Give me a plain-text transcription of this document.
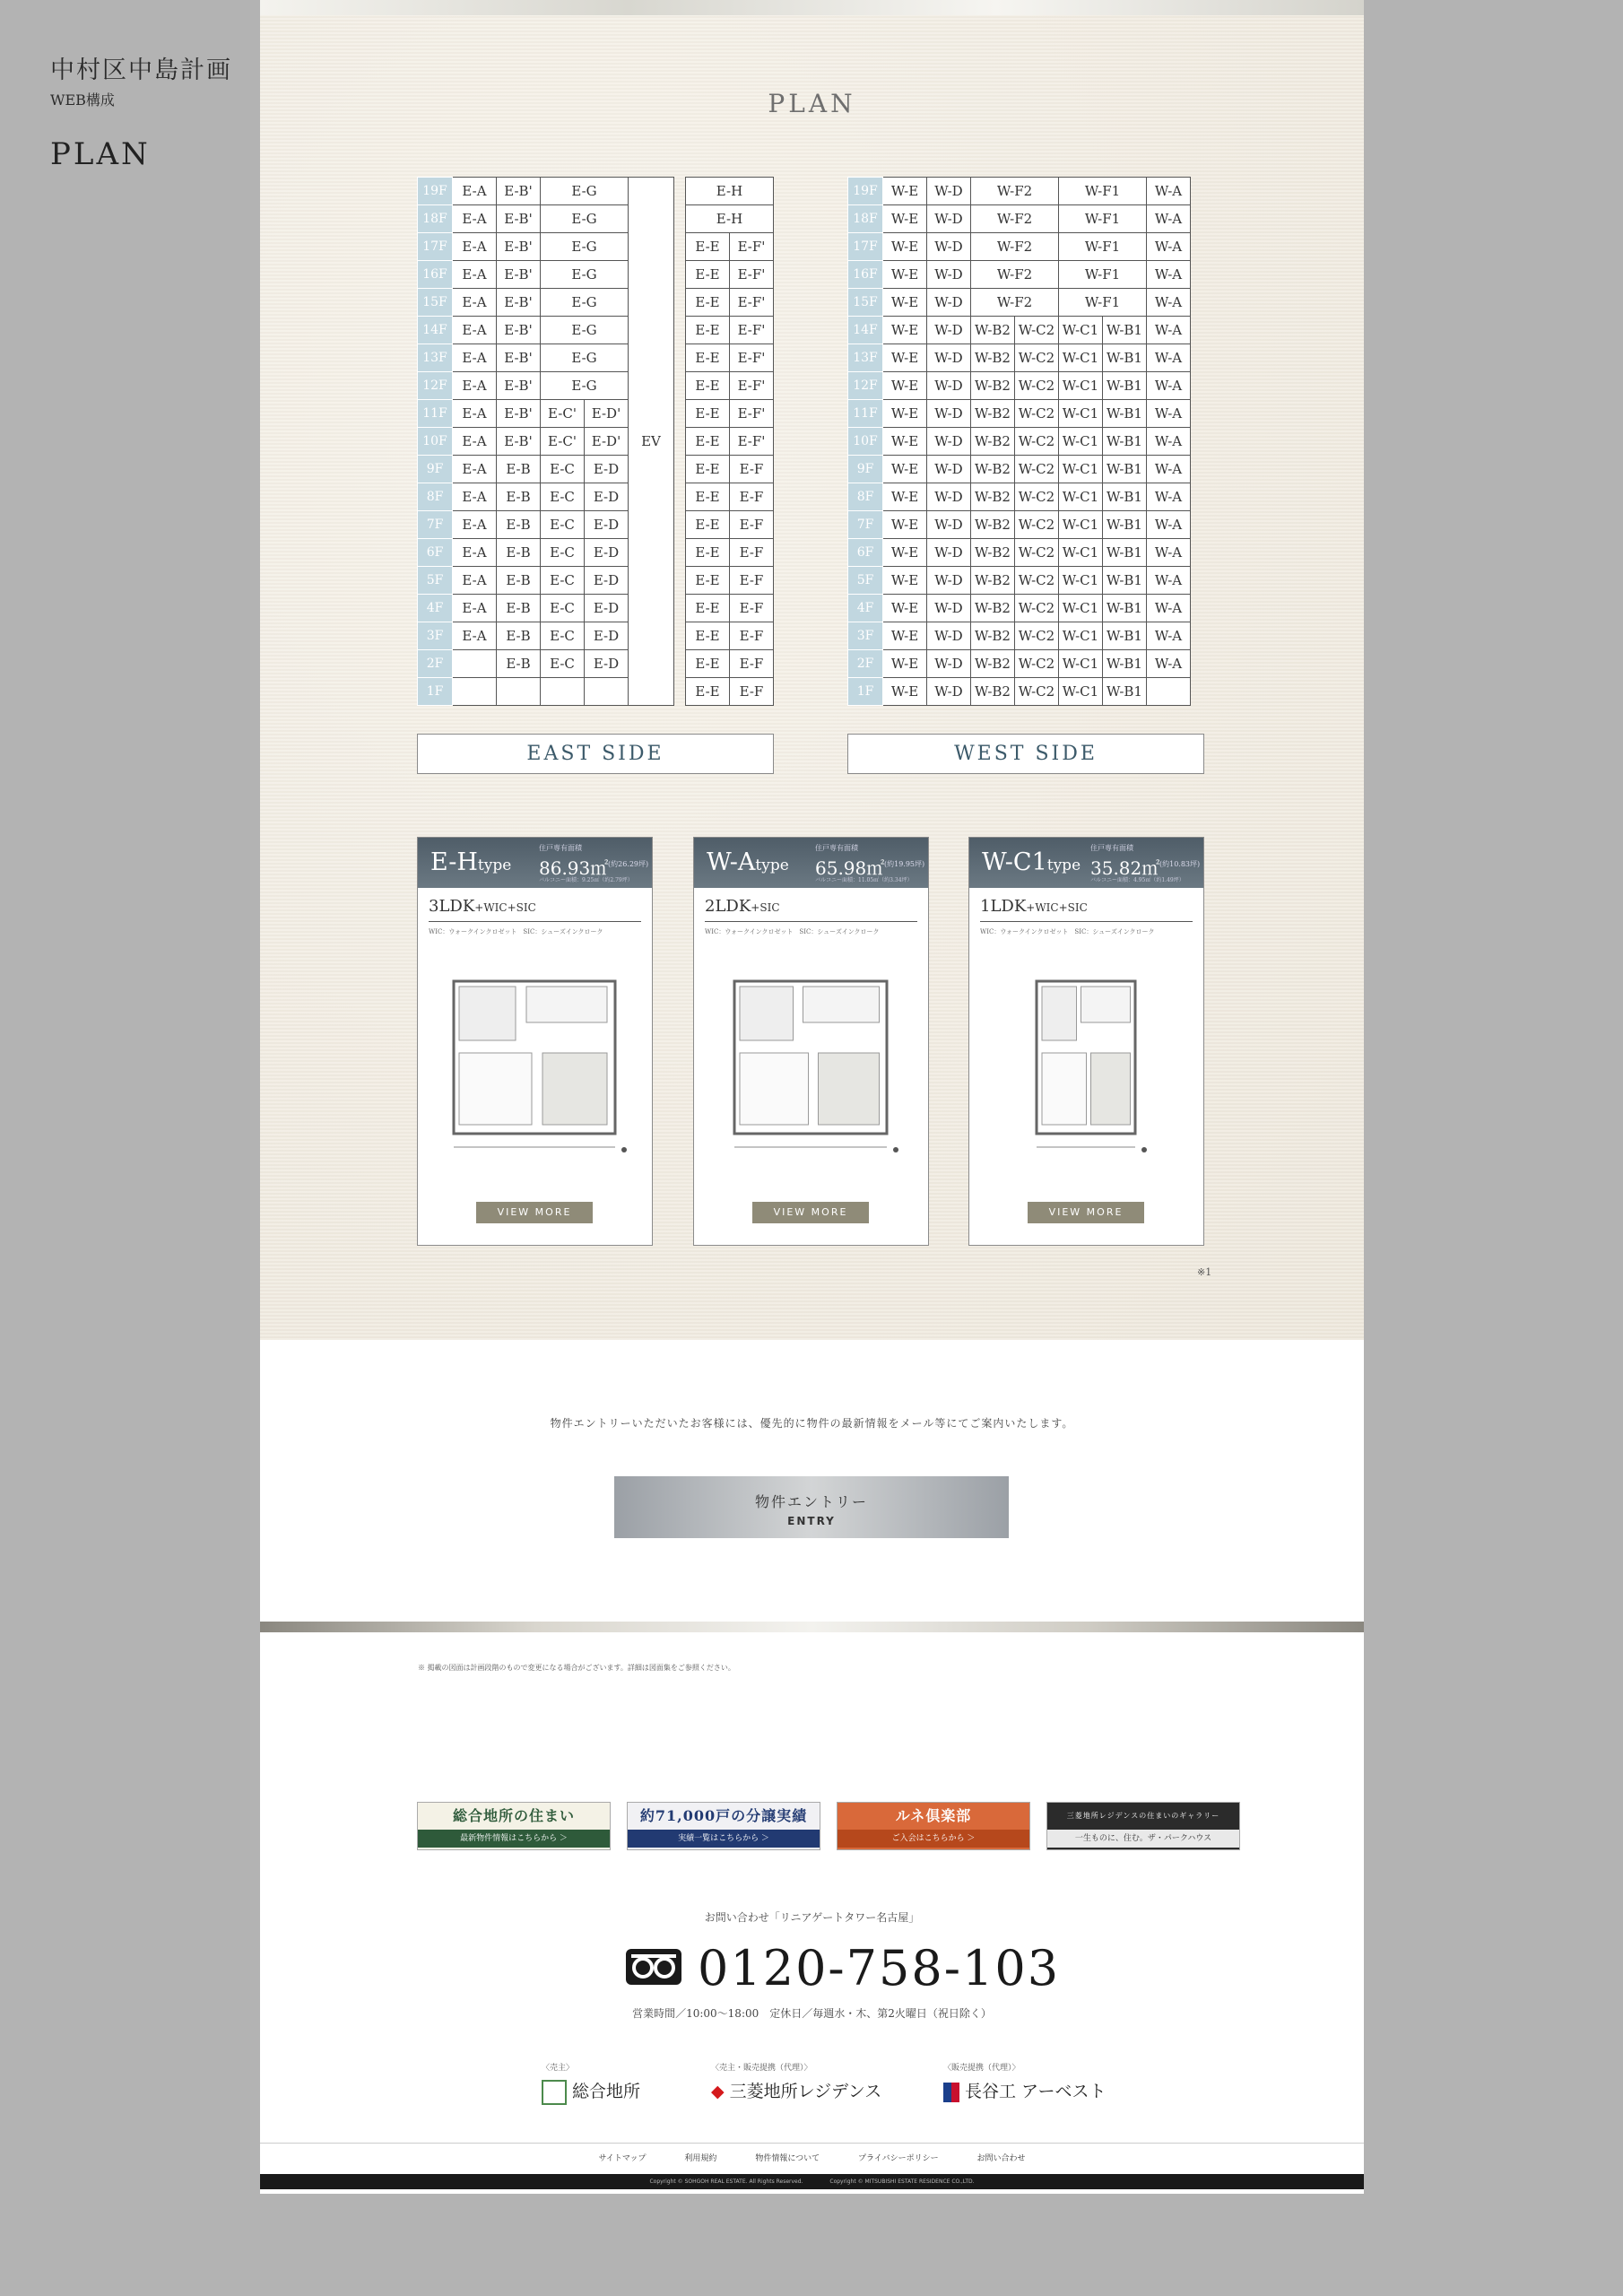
中村区中島計画
WEB構成
PLAN
PLAN
19F	E-A	E-B'	E-G		EV		E-H	
18F	E-A	E-B'	E-G				E-H	
17F	E-A	E-B'	E-G				E-E	E-F'
16F	E-A	E-B'	E-G				E-E	E-F'
15F	E-A	E-B'	E-G				E-E	E-F'
14F	E-A	E-B'	E-G				E-E	E-F'
13F	E-A	E-B'	E-G				E-E	E-F'
12F	E-A	E-B'	E-G				E-E	E-F'
11F	E-A	E-B'	E-C'	E-D'			E-E	E-F'
10F	E-A	E-B'	E-C'	E-D'			E-E	E-F'
9F	E-A	E-B	E-C	E-D			E-E	E-F
8F	E-A	E-B	E-C	E-D			E-E	E-F
7F	E-A	E-B	E-C	E-D			E-E	E-F
6F	E-A	E-B	E-C	E-D			E-E	E-F
5F	E-A	E-B	E-C	E-D			E-E	E-F
4F	E-A	E-B	E-C	E-D			E-E	E-F
3F	E-A	E-B	E-C	E-D			E-E	E-F
2F		E-B	E-C	E-D			E-E	E-F
1F							E-E	E-F
EAST SIDE
19F	W-E	W-D	W-F2		W-F1		W-A
18F	W-E	W-D	W-F2		W-F1		W-A
17F	W-E	W-D	W-F2		W-F1		W-A
16F	W-E	W-D	W-F2		W-F1		W-A
15F	W-E	W-D	W-F2		W-F1		W-A
14F	W-E	W-D	W-B2	W-C2	W-C1	W-B1	W-A
13F	W-E	W-D	W-B2	W-C2	W-C1	W-B1	W-A
12F	W-E	W-D	W-B2	W-C2	W-C1	W-B1	W-A
11F	W-E	W-D	W-B2	W-C2	W-C1	W-B1	W-A
10F	W-E	W-D	W-B2	W-C2	W-C1	W-B1	W-A
9F	W-E	W-D	W-B2	W-C2	W-C1	W-B1	W-A
8F	W-E	W-D	W-B2	W-C2	W-C1	W-B1	W-A
7F	W-E	W-D	W-B2	W-C2	W-C1	W-B1	W-A
6F	W-E	W-D	W-B2	W-C2	W-C1	W-B1	W-A
5F	W-E	W-D	W-B2	W-C2	W-C1	W-B1	W-A
4F	W-E	W-D	W-B2	W-C2	W-C1	W-B1	W-A
3F	W-E	W-D	W-B2	W-C2	W-C1	W-B1	W-A
2F	W-E	W-D	W-B2	W-C2	W-C1	W-B1	W-A
1F	W-E	W-D	W-B2	W-C2	W-C1	W-B1	
WEST SIDE
E-Htype
住戸専有面積
86.93㎡ (約26.29坪)
バルコニー面積：9.25㎡（約2.79坪）
3LDK+WIC+SIC
WIC：ウォークインクロゼット　SIC：シューズインクローク
VIEW MORE
W-Atype
住戸専有面積
65.98㎡ (約19.95坪)
バルコニー面積：11.05㎡（約3.34坪）
2LDK+SIC
WIC：ウォークインクロゼット　SIC：シューズインクローク
VIEW MORE
W-C1type
住戸専有面積
35.82㎡ (約10.83坪)
バルコニー面積：4.95㎡（約1.49坪）
1LDK+WIC+SIC
WIC：ウォークインクロゼット　SIC：シューズインクローク
VIEW MORE
※1
物件エントリーいただいたお客様には、優先的に物件の最新情報をメール等にてご案内いたします。
物件エントリー
ENTRY
※ 掲載の図面は計画段階のもので変更になる場合がございます。詳細は図面集をご参照ください。
総合地所の住まい
最新物件情報はこちらから ＞
約71,000戸の分譲実績
実績一覧はこちらから ＞
ルネ倶楽部
ご入会はこちらから ＞
三菱地所レジデンスの住まいのギャラリー
一生ものに、住む。ザ・パークハウス
お問い合わせ「リニアゲートタワー名古屋」
0120-758-103
営業時間／10:00〜18:00　定休日／毎週水・木、第2火曜日（祝日除く）
〈売主〉
総合地所
〈売主・販売提携（代理）〉
◆ 三菱地所レジデンス
〈販売提携（代理）〉
長谷工 アーベスト
サイトマップ	利用規約	物件情報について	プライバシーポリシー	お問い合わせ
Copyright © SOHGOH REAL ESTATE. All Rights Reserved.	Copyright © MITSUBISHI ESTATE RESIDENCE CO.,LTD.
